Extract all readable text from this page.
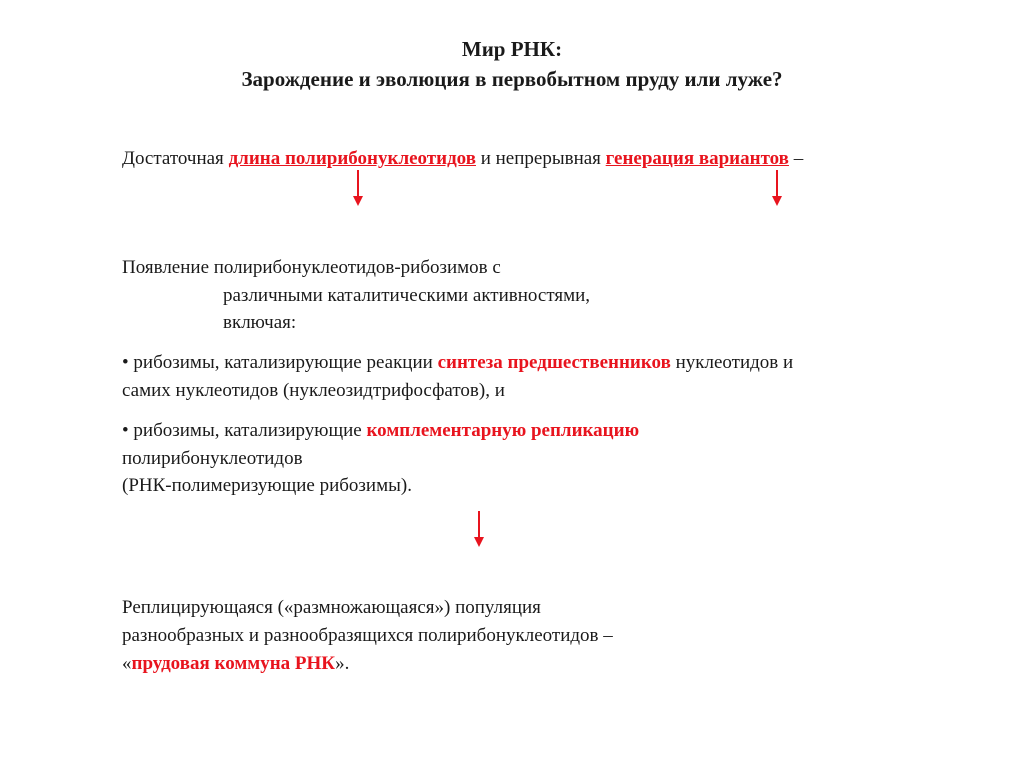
Мир РНК:
Зарождение и эволюция в первобытном пруду или луже?
Достаточная длина полирибонуклеотидов и непрерывная генерация вариантов –
Появление полирибонуклеотидов-рибозимов с
различными каталитическими активностями,
включая:
• рибозимы, катализирующие реакции синтеза предшественников нуклеотидов и
самих нуклеотидов (нуклеозидтрифосфатов), и
• рибозимы, катализирующие комплементарную репликацию
полирибонуклеотидов
(РНК-полимеризующие рибозимы).
Реплицирующаяся («размножающаяся») популяция
разнообразных и разнообразящихся полирибонуклеотидов –
«прудовая коммуна РНК».
